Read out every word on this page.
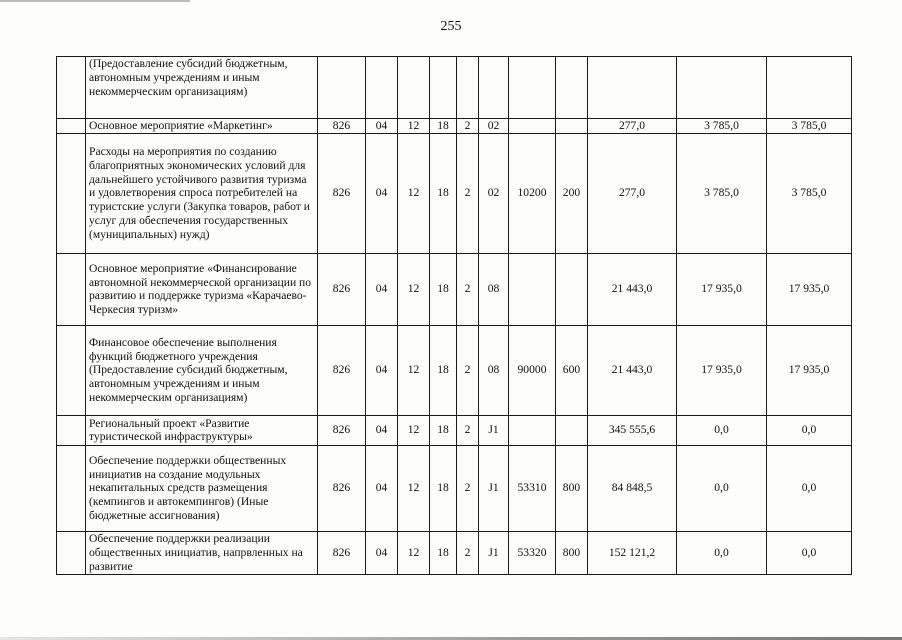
255
	(Предоставление субсидий бюджетным, автономным учреждениям и иным некоммерческим организациям)											
	Основное мероприятие «Маркетинг»	826	04	12	18	2	02			277,0	3 785,0	3 785,0
	Расходы на мероприятия по созданию благоприятных экономических условий для дальнейшего устойчивого развития туризма и удовлетворения спроса потребителей на туристские услуги (Закупка товаров, работ и услуг для обеспечения государственных (муниципальных) нужд)	826	04	12	18	2	02	10200	200	277,0	3 785,0	3 785,0
	Основное мероприятие «Финансирование автономной некоммерческой организации по развитию и поддержке туризма «Карачаево-Черкесия туризм»	826	04	12	18	2	08			21 443,0	17 935,0	17 935,0
	Финансовое обеспечение выполнения функций бюджетного учреждения (Предоставление субсидий бюджетным, автономным учреждениям и иным некоммерческим организациям)	826	04	12	18	2	08	90000	600	21 443,0	17 935,0	17 935,0
	Региональный проект «Развитие туристической инфраструктуры»	826	04	12	18	2	J1			345 555,6	0,0	0,0
	Обеспечение поддержки общественных инициатив на создание модульных некапитальных средств размещения (кемпингов и автокемпингов) (Иные бюджетные ассигнования)	826	04	12	18	2	J1	53310	800	84 848,5	0,0	0,0
	Обеспечение поддержки реализации общественных инициатив, напрвленных на развитие	826	04	12	18	2	J1	53320	800	152 121,2	0,0	0,0
